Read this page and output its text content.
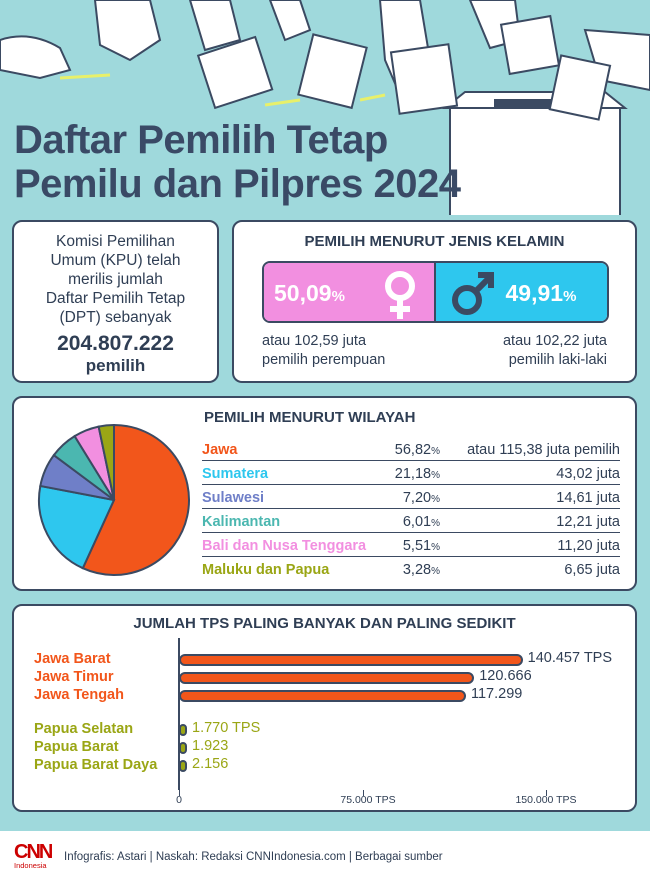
Daftar Pemilih Tetap
Pemilu dan Pilpres 2024
Komisi Pemilihan
Umum (KPU) telah
merilis jumlah
Daftar Pemilih Tetap
(DPT) sebanyak
204.807.222
pemilih
PEMILIH MENURUT JENIS KELAMIN
50,09%	49,91%
atau 102,59 juta
pemilih perempuan
atau 102,22 juta
pemilih laki-laki
PEMILIH MENURUT WILAYAH
Jawa	56,82% atau 115,38 juta pemilih
Sumatera	21,18%	43,02 juta
Sulawesi	7,20%	14,61 juta
Kalimantan	6,01%	12,21 juta
Bali dan Nusa Tenggara	5,51%	11,20 juta
Maluku dan Papua	3,28%	6,65 juta
JUMLAH TPS PALING BANYAK DAN PALING SEDIKIT
Jawa Barat	140.457 TPS
Jawa Timur	120.666
Jawa Tengah	117.299
Papua Selatan	1.770 TPS
Papua Barat	1.923
Papua Barat Daya 2.156
0	75.000 TPS	150.000 TPS
CNN
Indonesia
Infografis: Astari | Naskah: Redaksi CNNIndonesia.com | Berbagai sumber
